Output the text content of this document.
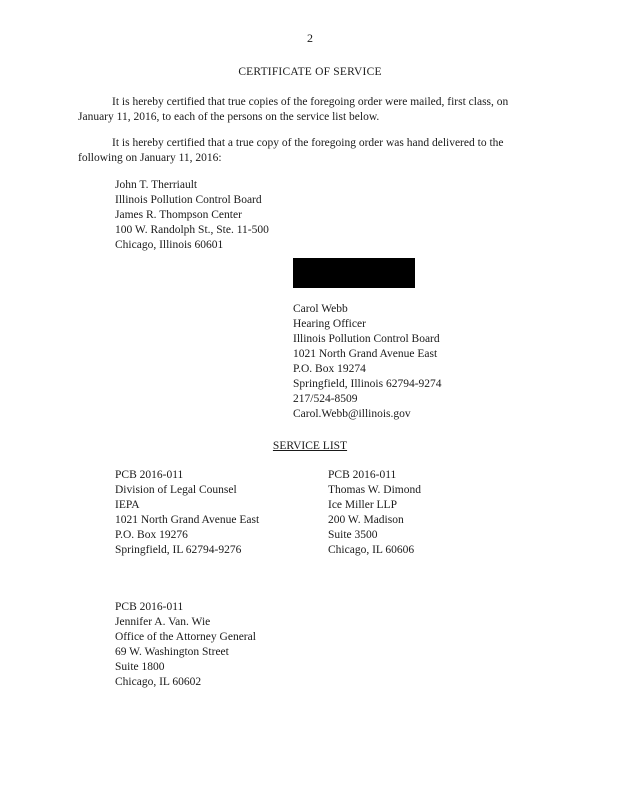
2
CERTIFICATE OF SERVICE
It is hereby certified that true copies of the foregoing order were mailed, first class, on January 11, 2016, to each of the persons on the service list below.
It is hereby certified that a true copy of the foregoing order was hand delivered to the following on January 11, 2016:
John T. Therriault
Illinois Pollution Control Board
James R. Thompson Center
100 W. Randolph St., Ste. 11-500
Chicago, Illinois 60601
Carol Webb
Hearing Officer
Illinois Pollution Control Board
1021 North Grand Avenue East
P.O. Box 19274
Springfield, Illinois 62794-9274
217/524-8509
Carol.Webb@illinois.gov
SERVICE LIST
PCB 2016-011
Division of Legal Counsel
IEPA
1021 North Grand Avenue East
P.O. Box 19276
Springfield, IL 62794-9276
PCB 2016-011
Thomas W. Dimond
Ice Miller LLP
200 W. Madison
Suite 3500
Chicago, IL 60606
PCB 2016-011
Jennifer A. Van. Wie
Office of the Attorney General
69 W. Washington Street
Suite 1800
Chicago, IL 60602
